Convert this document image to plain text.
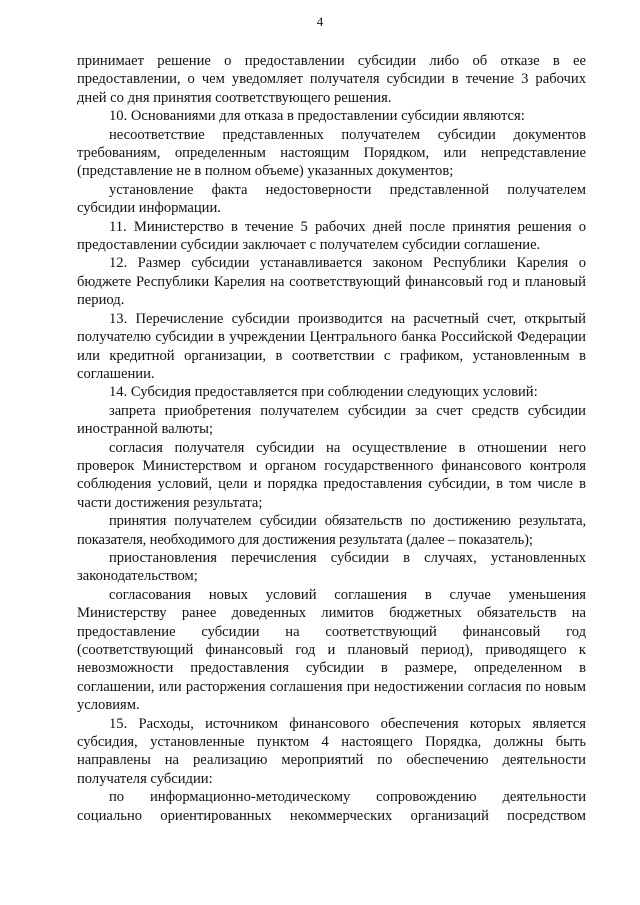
4

принимает решение о предоставлении субсидии либо об отказе в ее предоставлении, о чем уведомляет получателя субсидии в течение 3 рабочих дней со дня принятия соответствующего решения.

10. Основаниями для отказа в предоставлении субсидии являются:

несоответствие представленных получателем субсидии документов требованиям, определенным настоящим Порядком, или непредставление (представление не в полном объеме) указанных документов;

установление факта недостоверности представленной получателем субсидии информации.

11. Министерство в течение 5 рабочих дней после принятия решения о предоставлении субсидии заключает с получателем субсидии соглашение.

12. Размер субсидии устанавливается законом Республики Карелия о бюджете Республики Карелия на соответствующий финансовый год и плановый период.

13. Перечисление субсидии производится на расчетный счет, открытый получателю субсидии в учреждении Центрального банка Российской Федерации или кредитной организации, в соответствии с графиком, установленным в соглашении.

14. Субсидия предоставляется при соблюдении следующих условий:

запрета приобретения получателем субсидии за счет средств субсидии иностранной валюты;

согласия получателя субсидии на осуществление в отношении него проверок Министерством и органом государственного финансового контроля соблюдения условий, цели и порядка предоставления субсидии, в том числе в части достижения результата;

принятия получателем субсидии обязательств по достижению результата, показателя, необходимого для достижения результата (далее – показатель);

приостановления перечисления субсидии в случаях, установленных законодательством;

согласования новых условий соглашения в случае уменьшения Министерству ранее доведенных лимитов бюджетных обязательств на предоставление субсидии на соответствующий финансовый год (соответствующий финансовый год и плановый период), приводящего к невозможности предоставления субсидии в размере, определенном в соглашении, или расторжения соглашения при недостижении согласия по новым условиям.

15. Расходы, источником финансового обеспечения которых является субсидия, установленные пунктом 4 настоящего Порядка, должны быть направлены на реализацию мероприятий по обеспечению деятельности получателя субсидии:

по информационно-методическому сопровождению деятельности социально ориентированных некоммерческих организаций посредством
